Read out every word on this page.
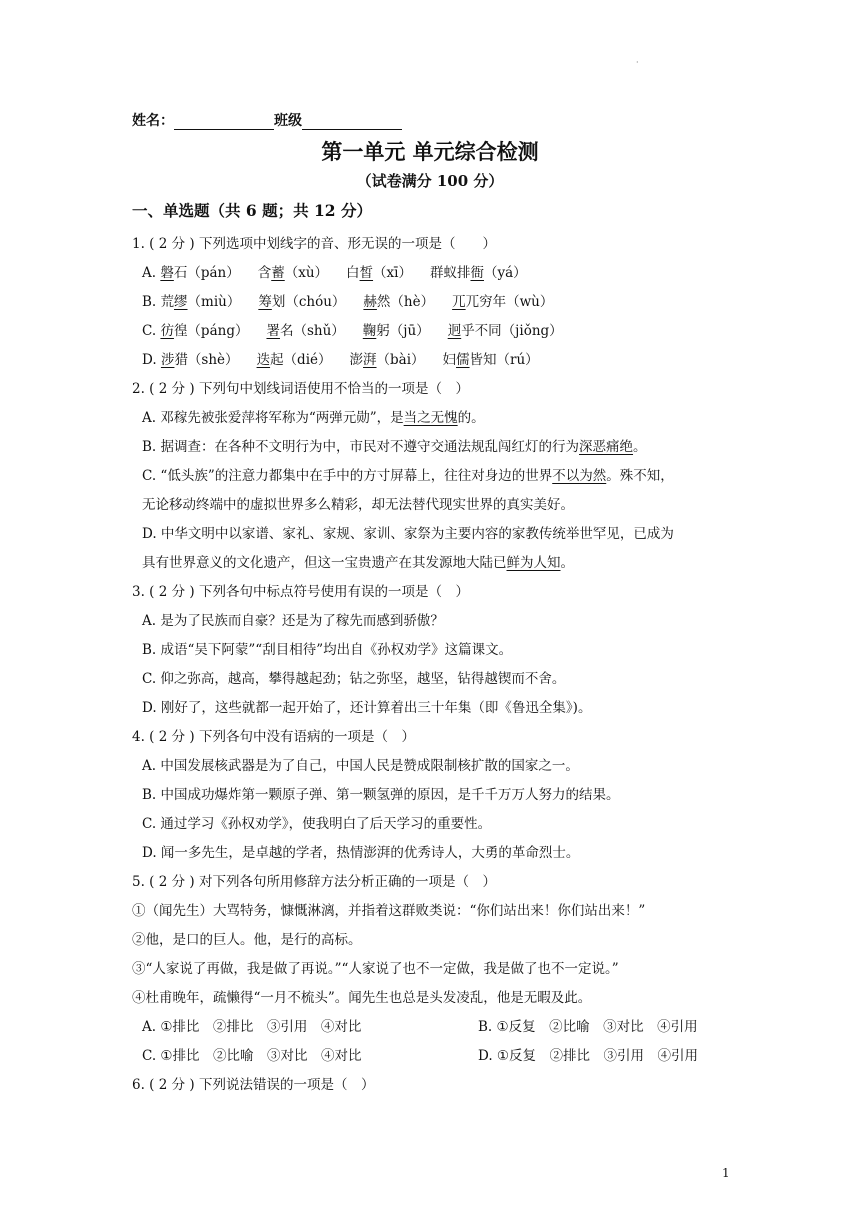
·
姓名：	班级
第一单元 单元综合检测
（试卷满分 100 分）
一、单选题（共 6 题；共 12 分）
1. ( 2 分 ) 下列选项中划线字的音、形无误的一项是（　　）
A. 磐石（pán） 含蓄（xù） 白皙（xī） 群蚁排衙（yá）
B. 荒缪（miù） 筹划（chóu） 赫然（hè） 兀兀穷年（wù）
C. 彷徨（páng） 署名（shǔ） 鞠躬（jū） 迥乎不同（jiǒng）
D. 涉猎（shè） 迭起（dié） 澎湃（bài） 妇儒皆知（rú）
2. ( 2 分 ) 下列句中划线词语使用不恰当的一项是（　）
A. 邓稼先被张爱萍将军称为“两弹元勋”，是当之无愧的。
B. 据调查：在各种不文明行为中，市民对不遵守交通法规乱闯红灯的行为深恶痛绝。
C. “低头族”的注意力都集中在手中的方寸屏幕上，往往对身边的世界不以为然。殊不知，
无论移动终端中的虚拟世界多么精彩，却无法替代现实世界的真实美好。
D. 中华文明中以家谱、家礼、家规、家训、家祭为主要内容的家教传统举世罕见，已成为
具有世界意义的文化遗产，但这一宝贵遗产在其发源地大陆已鲜为人知。
3. ( 2 分 ) 下列各句中标点符号使用有误的一项是（　）
A. 是为了民族而自豪？还是为了稼先而感到骄傲？
B. 成语“吴下阿蒙”“刮目相待”均出自《孙权劝学》这篇课文。
C. 仰之弥高，越高，攀得越起劲；钻之弥坚，越坚，钻得越锲而不舍。
D. 刚好了，这些就都一起开始了，还计算着出三十年集（即《鲁迅全集》)。
4. ( 2 分 ) 下列各句中没有语病的一项是（　）
A. 中国发展核武器是为了自己，中国人民是赞成限制核扩散的国家之一。
B. 中国成功爆炸第一颗原子弹、第一颗氢弹的原因，是千千万万人努力的结果。
C. 通过学习《孙权劝学》，使我明白了后天学习的重要性。
D. 闻一多先生，是卓越的学者，热情澎湃的优秀诗人，大勇的革命烈士。
5. ( 2 分 ) 对下列各句所用修辞方法分析正确的一项是（　）
①（闻先生）大骂特务，慷慨淋漓，并指着这群败类说：“你们站出来！你们站出来！”
②他，是口的巨人。他，是行的高标。
③“人家说了再做，我是做了再说。”“人家说了也不一定做，我是做了也不一定说。”
④杜甫晚年，疏懒得“一月不梳头”。闻先生也总是头发凌乱，他是无暇及此。
A. ①排比　②排比　③引用　④对比	B. ①反复　②比喻　③对比　④引用
C. ①排比　②比喻　③对比　④对比	D. ①反复　②排比　③引用　④引用
6. ( 2 分 ) 下列说法错误的一项是（　）
1
